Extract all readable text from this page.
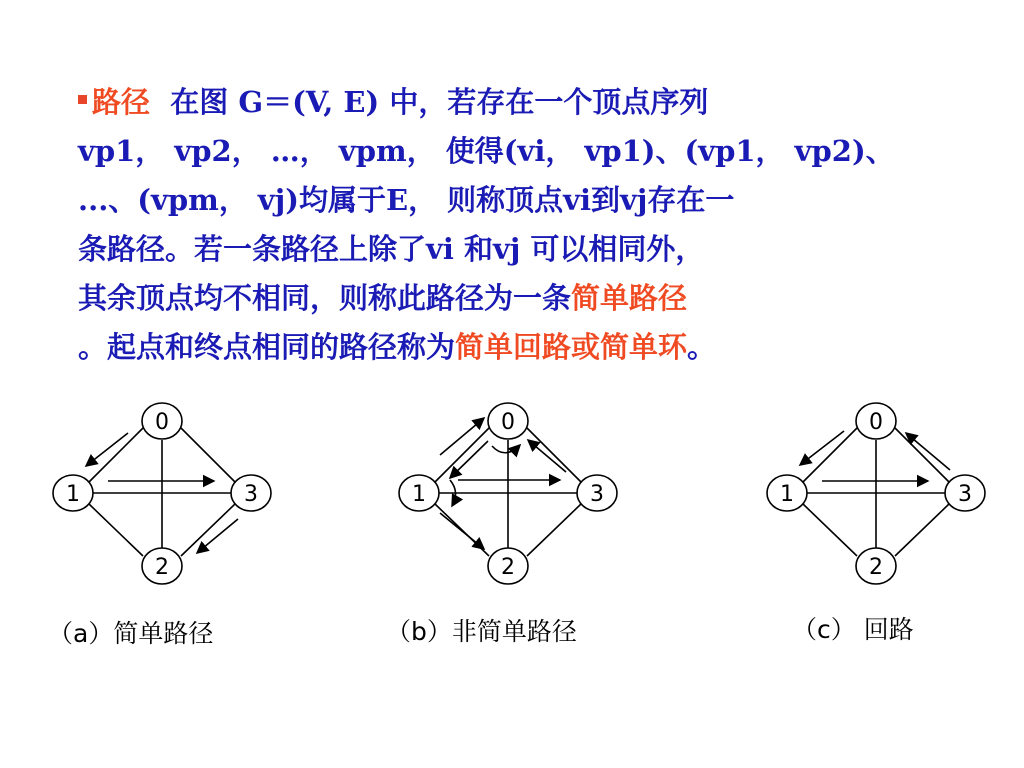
路径 在图 G＝(V, E) 中，若存在一个顶点序列
vp1， vp2， …， vpm， 使得(vi， vp1)、(vp1， vp2)、
...、(vpm， vj)均属于E， 则称顶点vi到vj存在一
条路径。若一条路径上除了vi 和vj 可以相同外，
其余顶点均不相同，则称此路径为一条简单路径
。起点和终点相同的路径称为简单回路或简单环。
0
1
2
3
（a）简单路径
0
1
2
3
（b）非简单路径
0
1
2
3
（c） 回路
